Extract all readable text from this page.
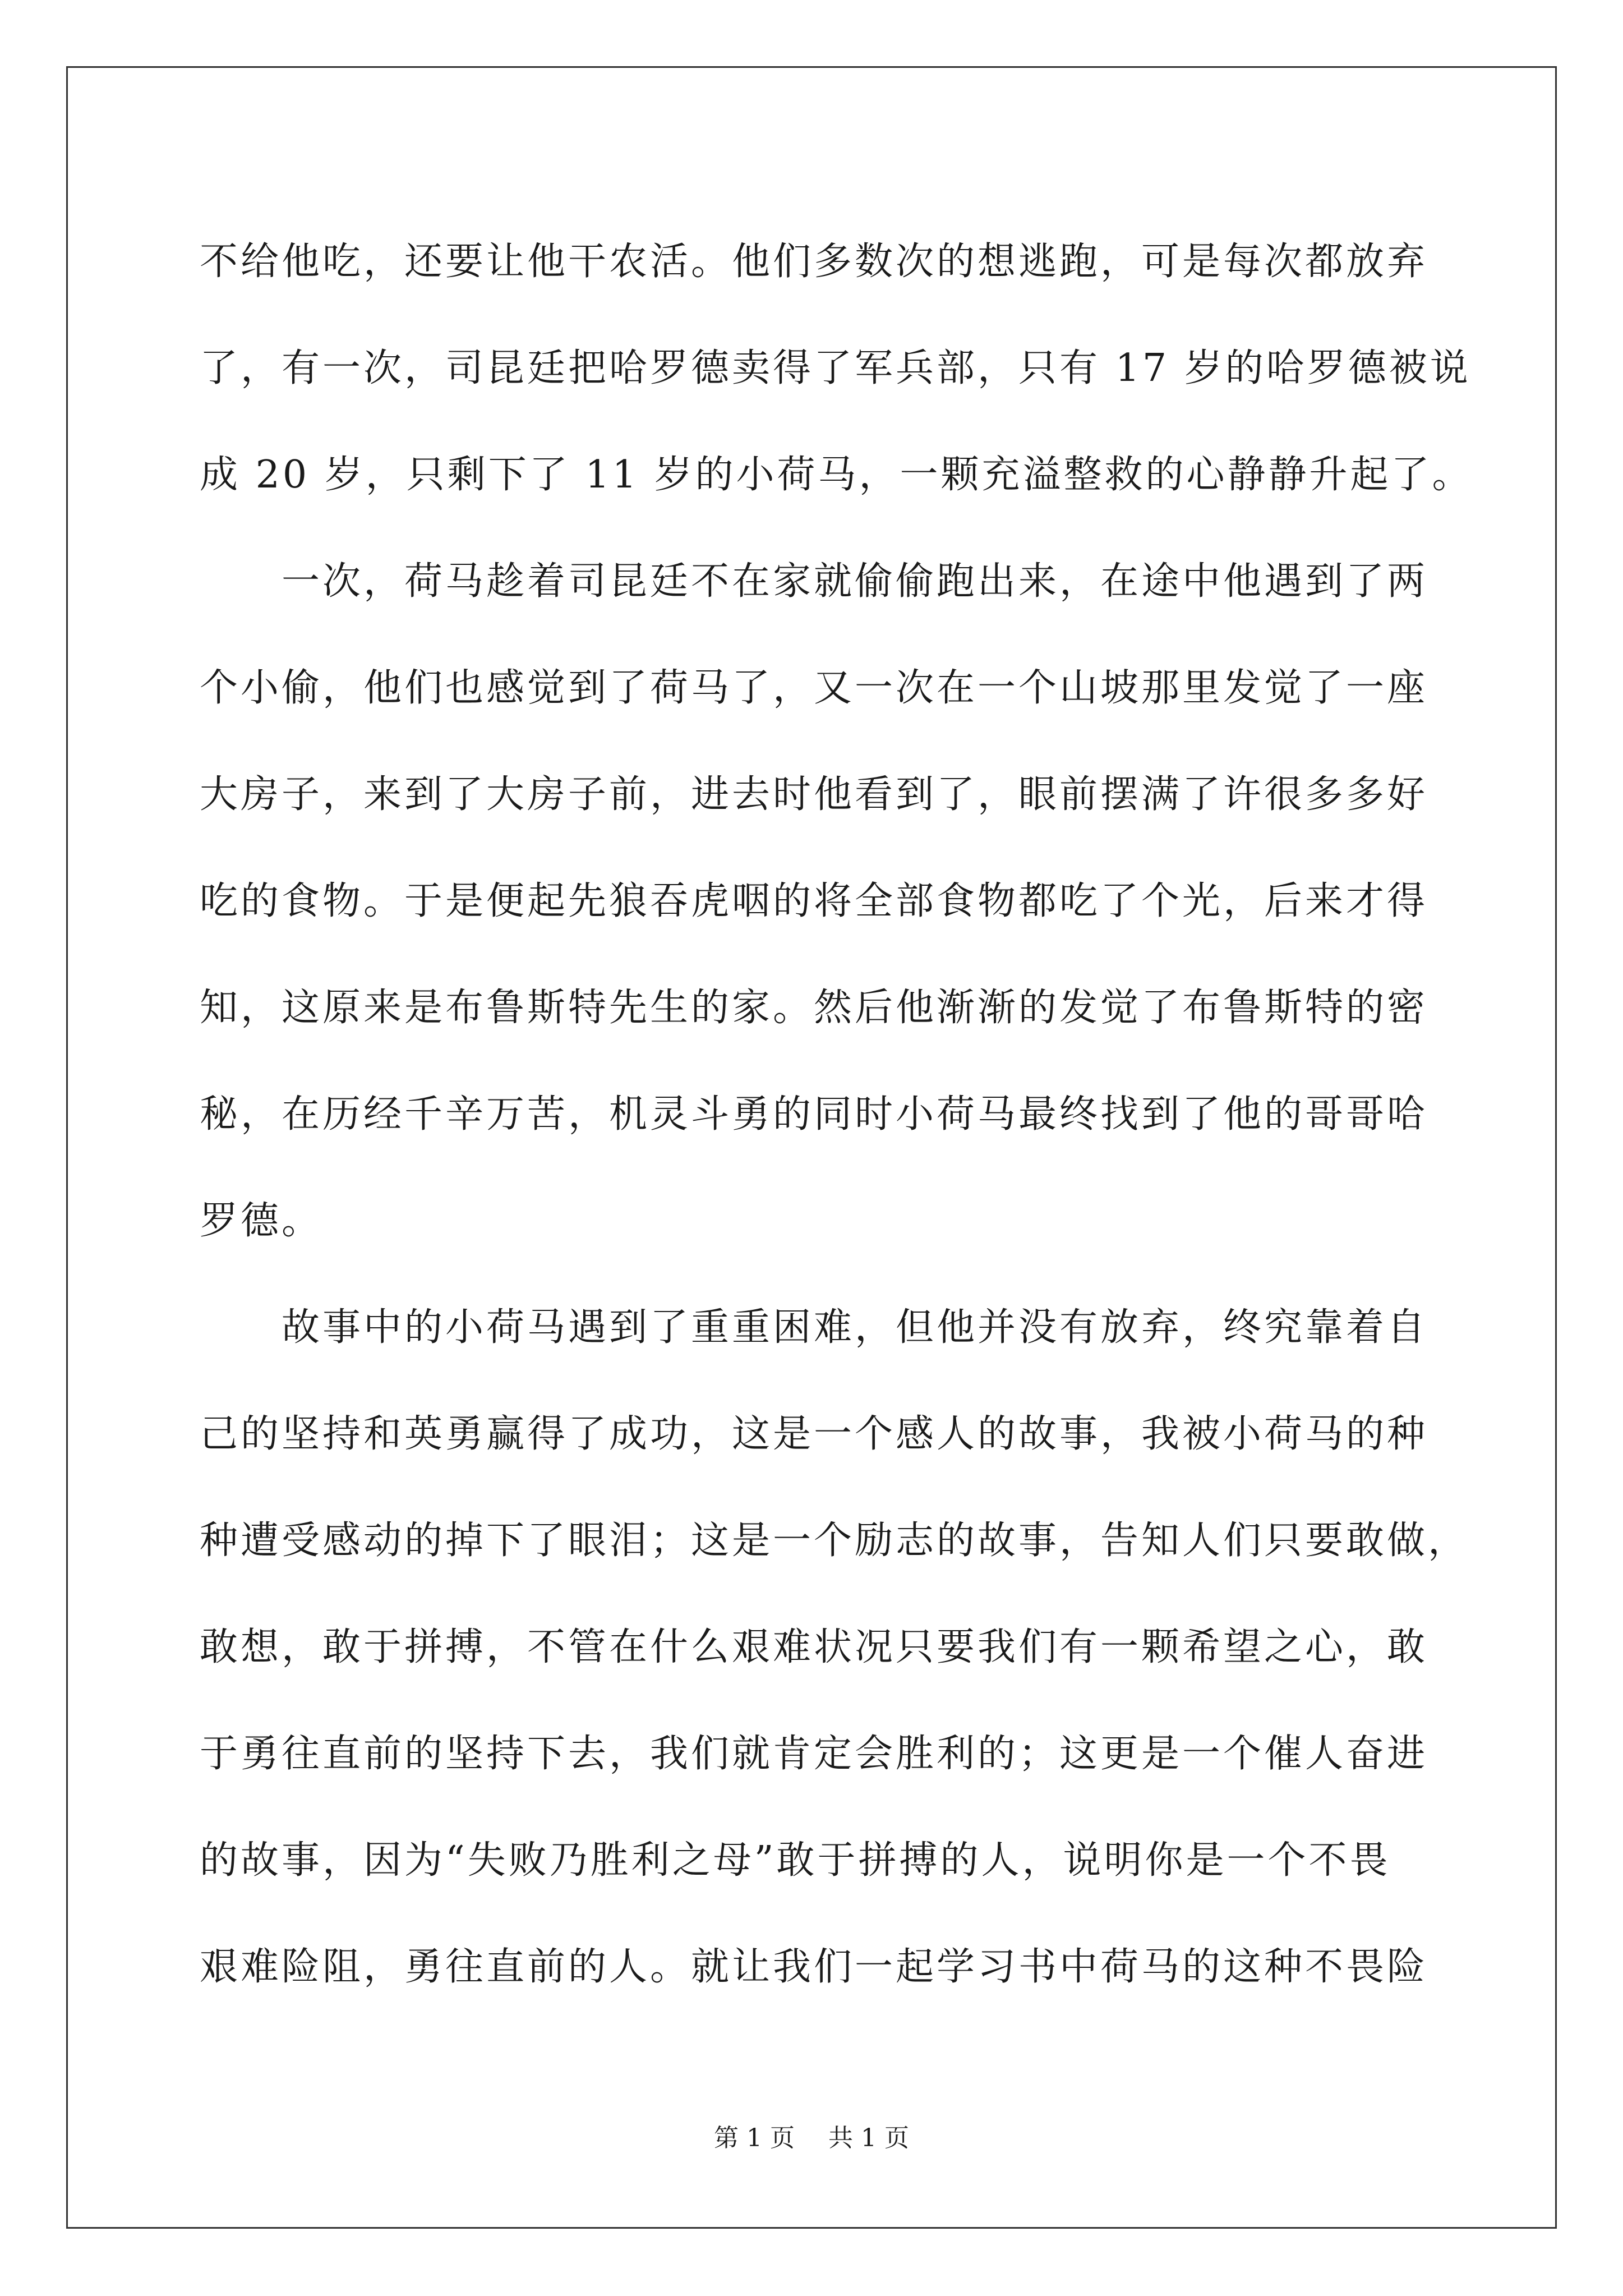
不给他吃，还要让他干农活。他们多数次的想逃跑，可是每次都放弃
了，有一次，司昆廷把哈罗德卖得了军兵部，只有 17 岁的哈罗德被说
成 20 岁，只剩下了 11 岁的小荷马，一颗充溢整救的心静静升起了。
　　一次，荷马趁着司昆廷不在家就偷偷跑出来，在途中他遇到了两
个小偷，他们也感觉到了荷马了，又一次在一个山坡那里发觉了一座
大房子，来到了大房子前，进去时他看到了，眼前摆满了许很多多好
吃的食物。于是便起先狼吞虎咽的将全部食物都吃了个光，后来才得
知，这原来是布鲁斯特先生的家。然后他渐渐的发觉了布鲁斯特的密
秘，在历经千辛万苦，机灵斗勇的同时小荷马最终找到了他的哥哥哈
罗德。
　　故事中的小荷马遇到了重重困难，但他并没有放弃，终究靠着自
己的坚持和英勇赢得了成功，这是一个感人的故事，我被小荷马的种
种遭受感动的掉下了眼泪；这是一个励志的故事，告知人们只要敢做，
敢想，敢于拼搏，不管在什么艰难状况只要我们有一颗希望之心，敢
于勇往直前的坚持下去，我们就肯定会胜利的；这更是一个催人奋进
的故事，因为“失败乃胜利之母”敢于拼搏的人，说明你是一个不畏
艰难险阻，勇往直前的人。就让我们一起学习书中荷马的这种不畏险
第 1 页 共 1 页
